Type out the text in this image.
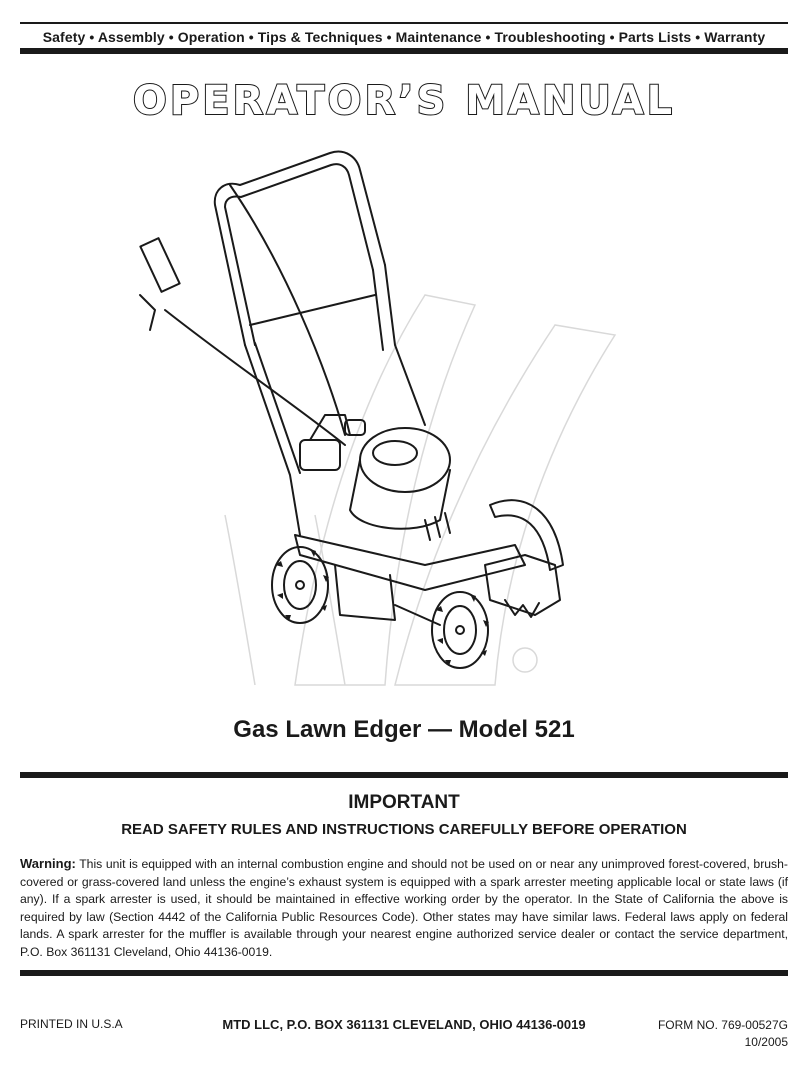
Safety • Assembly • Operation • Tips & Techniques • Maintenance • Troubleshooting • Parts Lists • Warranty
OPERATOR’S MANUAL
Gas Lawn Edger — Model 521
IMPORTANT
READ SAFETY RULES AND INSTRUCTIONS CAREFULLY BEFORE OPERATION
Warning: This unit is equipped with an internal combustion engine and should not be used on or near any unimproved forest-covered, brush-covered or grass-covered land unless the engine’s exhaust system is equipped with a spark arrester meeting applicable local or state laws (if any). If a spark arrester is used, it should be maintained in effective working order by the operator. In the State of California the above is required by law (Section 4442 of the California Public Resources Code). Other states may have similar laws. Federal laws apply on federal lands. A spark arrester for the muffler is available through your nearest engine authorized service dealer or contact the service department, P.O. Box 361131 Cleveland, Ohio 44136-0019.
PRINTED IN U.S.A	MTD LLC, P.O. BOX 361131 CLEVELAND, OHIO 44136-0019	FORM NO. 769-00527G
10/2005
